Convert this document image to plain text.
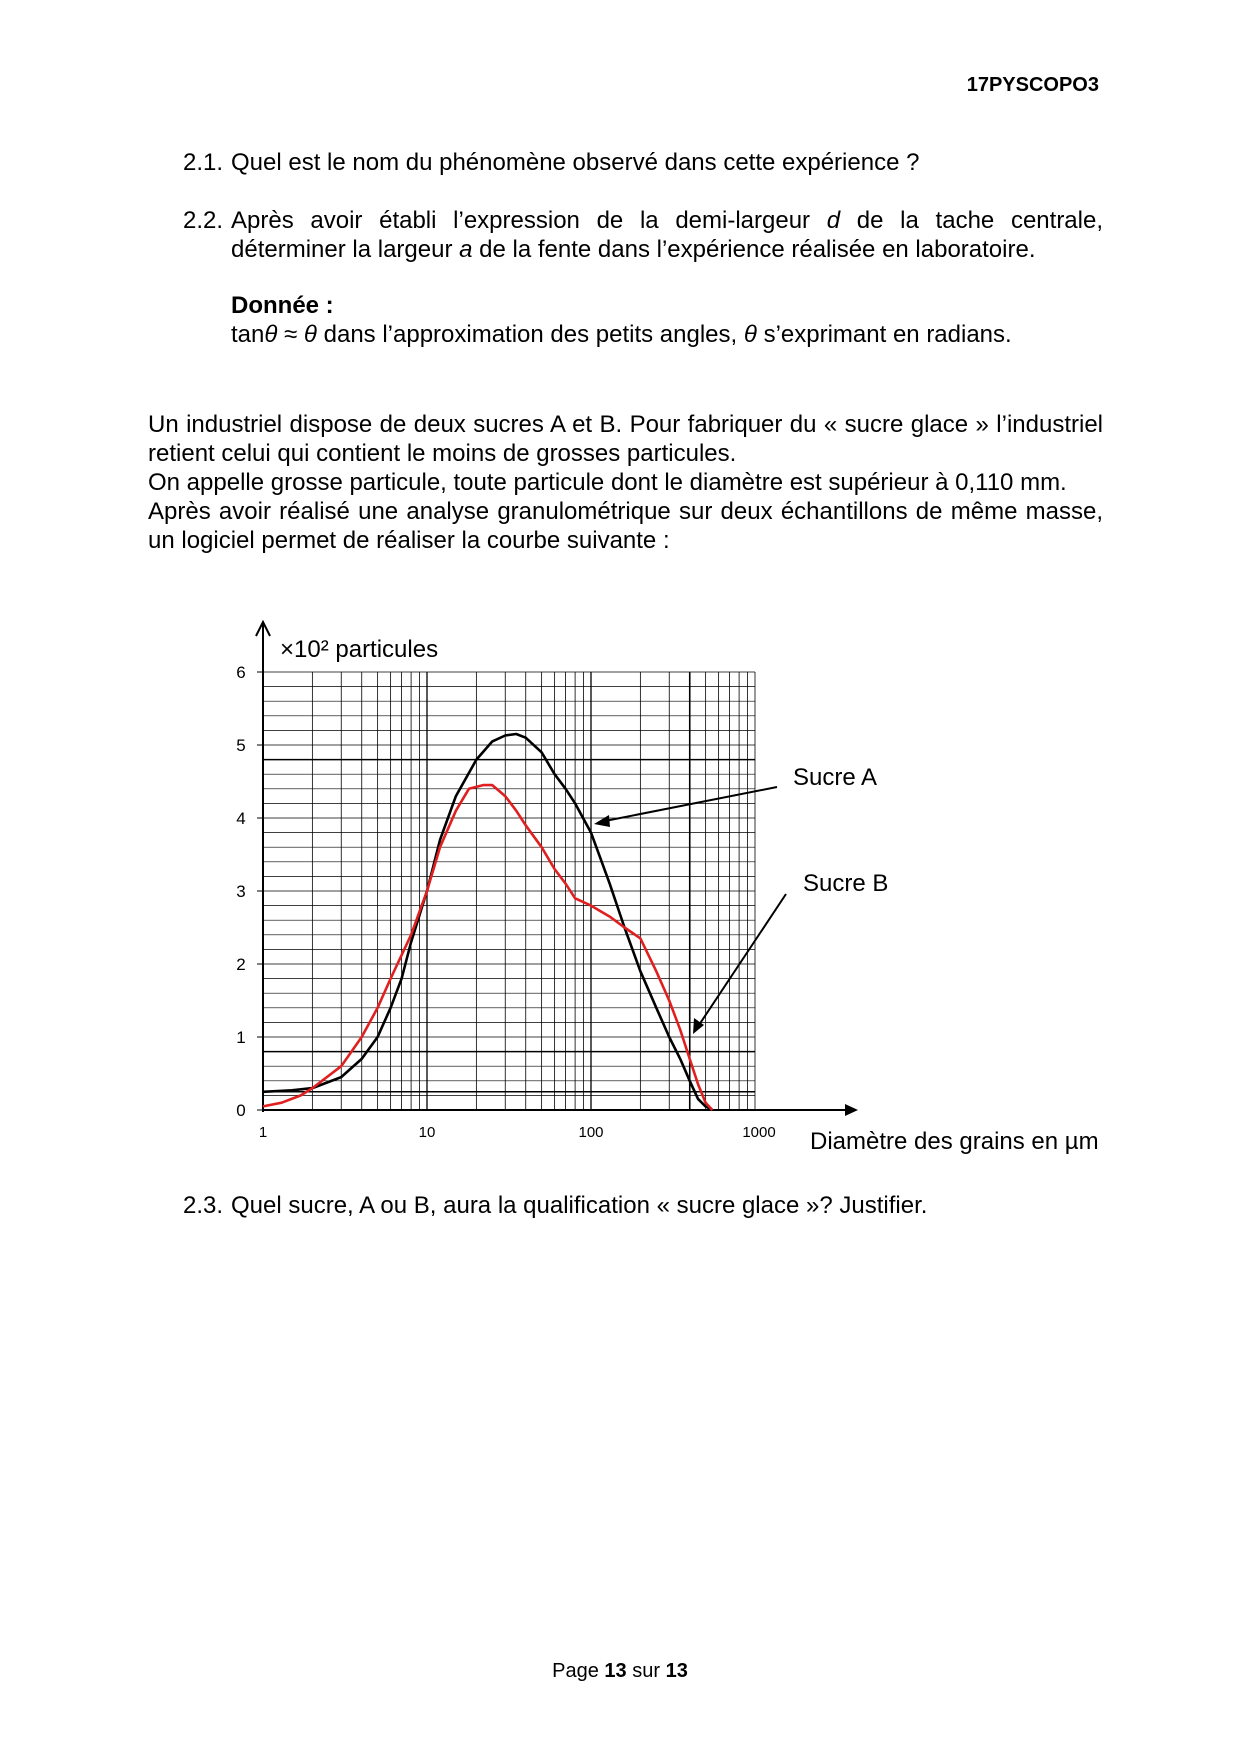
17PYSCOPO3
2.1. Quel est le nom du phénomène observé dans cette expérience ?
2.2. Après avoir établi l’expression de la demi-largeur d de la tache centrale, déterminer la largeur a de la fente dans l’expérience réalisée en laboratoire.
Donnée :
tanθ ≈ θ dans l’approximation des petits angles, θ s’exprimant en radians.

Un industriel dispose de deux sucres A et B. Pour fabriquer du « sucre glace » l’industriel retient celui qui contient le moins de grosses particules.

On appelle grosse particule, toute particule dont le diamètre est supérieur à 0,110 mm.

Après avoir réalisé une analyse granulométrique sur deux échantillons de même masse, un logiciel permet de réaliser la courbe suivante :

0
1
2
3
4
5
6
1	10	100	1000
×10² particules
Diamètre des grains en µm
Sucre A
Sucre B
Page 13 sur 13
2.3. Quel sucre, A ou B, aura la qualification « sucre glace »? Justifier.
